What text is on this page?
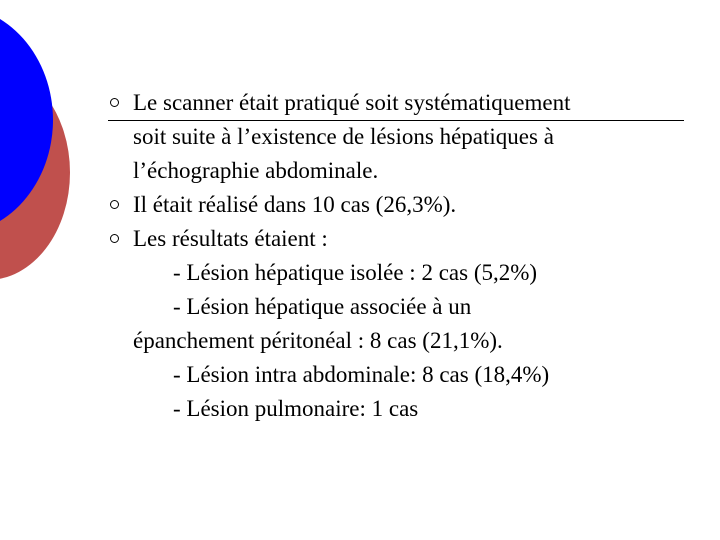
Le scanner était pratiqué soit systématiquement
soit suite à l’existence de lésions hépatiques à
l’échographie abdominale.
Il était réalisé dans 10 cas (26,3%).
Les résultats étaient :
- Lésion hépatique isolée : 2 cas (5,2%)
- Lésion hépatique associée à un
épanchement péritonéal : 8 cas (21,1%).
- Lésion intra abdominale: 8 cas (18,4%)
- Lésion pulmonaire: 1 cas
